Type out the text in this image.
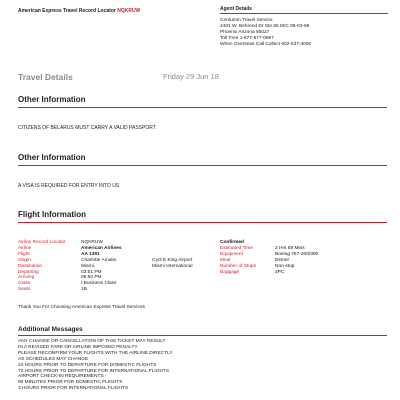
American Express Travel Record Locator NQKRUW	Agent Details
Centurion Travel Service
2401 W. Behrend Dr Ste.55 M/C 08-03-69
Phoenix Arizona 85027
Toll Free 1-877-877-0987
When Overseas Call Collect 602-537-4000
Travel Details	Friday 29 Jun 18
Other Information
CITIZENS OF BELARUS MUST CARRY A VALID PASSPORT
Other Information
A VISA IS REQUIRED FOR ENTRY INTO US
Flight Information
Airline Record Locator	NQKRUW
Airline	American Airlines
Flight	AA 1391
Origin	Charlotte Amalie,	Cyril E King Airport
Destination	Miami,	Miami International
Departing	03:51 PM
Arriving	06:50 PM
Class	I Business Class
Seats	1B
Confirmed
Estimated Time	2 Hrs 59 Mins
Equipment	Boeing 757-200/300
Meal	Dinner
Number of Stops	Non-stop
Baggage	2PC
Thank You For Choosing American Express Travel Services
Additional Messages
ANY CHANGE OR CANCELLATION OF THIS TICKET MAY RESULT
IN A REVISED FARE OR AIRLINE IMPOSED PENALTY
PLEASE RECONFIRM YOUR FLIGHTS WITH THE AIRLINE DIRECTLY
AS SCHEDULES MAY CHANGE
24 HOURS PRIOR TO DEPARTURE FOR DOMESTIC FLIGHTS
72 HOURS PRIOR TO DEPARTURE FOR INTERNATIONAL FLIGHTS
AIRPORT CHECK-IN REQUIREMENTS -
90 MINUTES PRIOR FOR DOMESTIC FLIGHTS
3 HOURS PRIOR FOR INTERNATIONAL FLIGHTS
